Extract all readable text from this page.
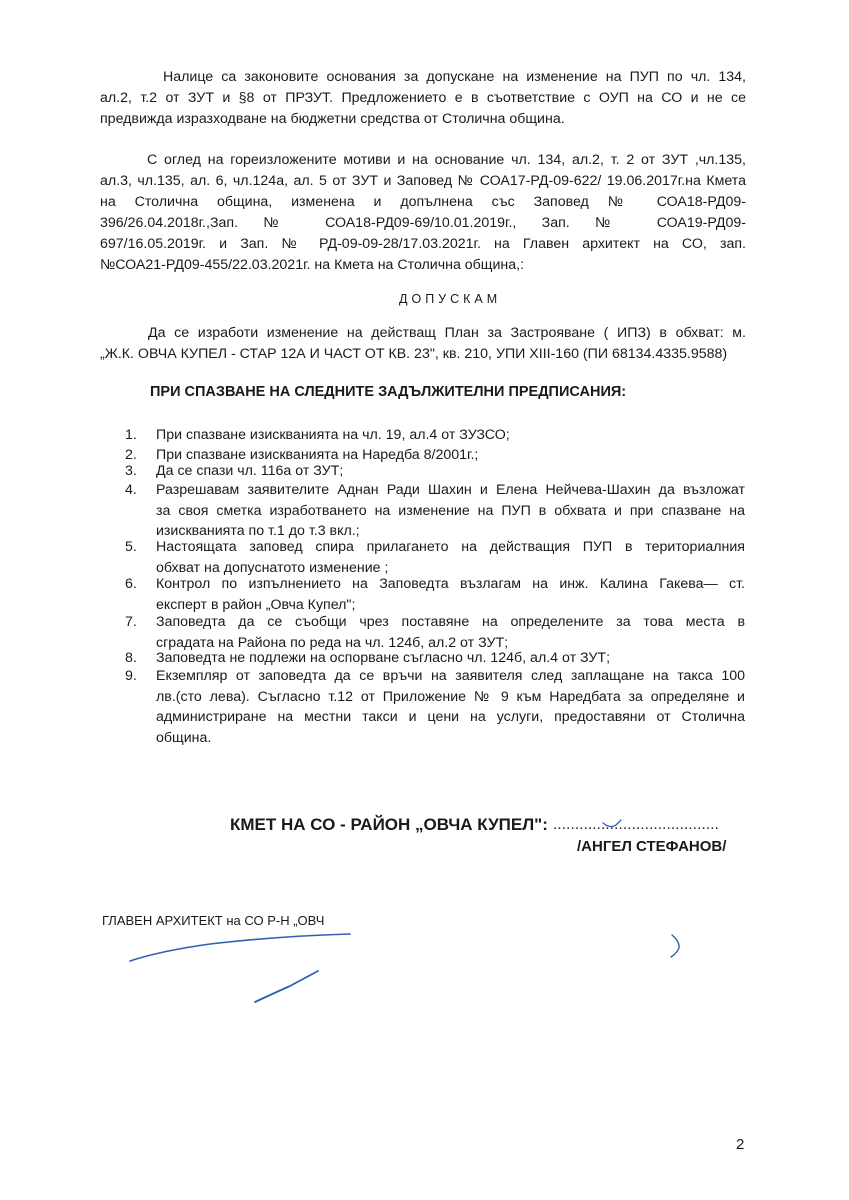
Налице са законовите основания за допускане на изменение на ПУП по чл. 134,
ал.2, т.2 от ЗУТ и §8 от ПРЗУТ. Предложението е в съответствие с ОУП на СО и не се
предвижда изразходване на бюджетни средства от Столична община.
С оглед на гореизложените мотиви и на основание чл. 134, ал.2, т. 2 от ЗУТ ,чл.135,
ал.3, чл.135, ал. 6, чл.124а, ал. 5 от ЗУТ и Заповед № СОА17-РД-09-622/ 19.06.2017г.на Кмета
на Столична община, изменена и допълнена със Заповед № СОА18-РД09-
396/26.04.2018г.,Зап. № СОА18-РД09-69/10.01.2019г., Зап. № СОА19-РД09-
697/16.05.2019г. и Зап. № РД-09-09-28/17.03.2021г. на Главен архитект на СО, зап.
№СОА21-РД09-455/22.03.2021г. на Кмета на Столична община,:
ДОПУСКАМ
Да се изработи изменение на действащ План за Застрояване ( ИПЗ) в обхват: м.
„Ж.К. ОВЧА КУПЕЛ - СТАР 12А И ЧАСТ ОТ КВ. 23", кв. 210, УПИ XIII-160 (ПИ 68134.4335.9588)
ПРИ СПАЗВАНЕ НА СЛЕДНИТЕ ЗАДЪЛЖИТЕЛНИ ПРЕДПИСАНИЯ:
1.	При спазване изискванията на чл. 19, ал.4 от ЗУЗСО;
2.	При спазване изискванията на Наредба 8/2001г.;
3.	Да се спази чл. 116а от ЗУТ;
4.	Разрешавам заявителите Аднан Ради Шахин и Елена Нейчева-Шахин да възложат
за своя сметка изработването на изменение на ПУП в обхвата и при спазване на
изискванията по т.1 до т.3 вкл.;
5.	Настоящата заповед спира прилагането на действащия ПУП в териториалния
обхват на допуснатото изменение ;
6.	Контрол по изпълнението на Заповедта възлагам на инж. Калина Гакева— ст.
експерт в район „Овча Купел";
7.	Заповедта да се съобщи чрез поставяне на определените за това места в
сградата на Района по реда на чл. 124б, ал.2 от ЗУТ;
8.	Заповедта не подлежи на оспорване съгласно чл. 124б, ал.4 от ЗУТ;
9.	Екземпляр от заповедта да се връчи на заявителя след заплащане на такса 100
лв.(сто лева). Съгласно т.12 от Приложение № 9 към Наредбата за определяне и
администриране на местни такси и цени на услуги, предоставяни от Столична
община.
КМЕТ НА СО - РАЙОН „ОВЧА КУПЕЛ": ......................................
/АНГЕЛ СТЕФАНОВ/
ГЛАВЕН АРХИТЕКТ на СО Р-Н „ОВЧ
2
